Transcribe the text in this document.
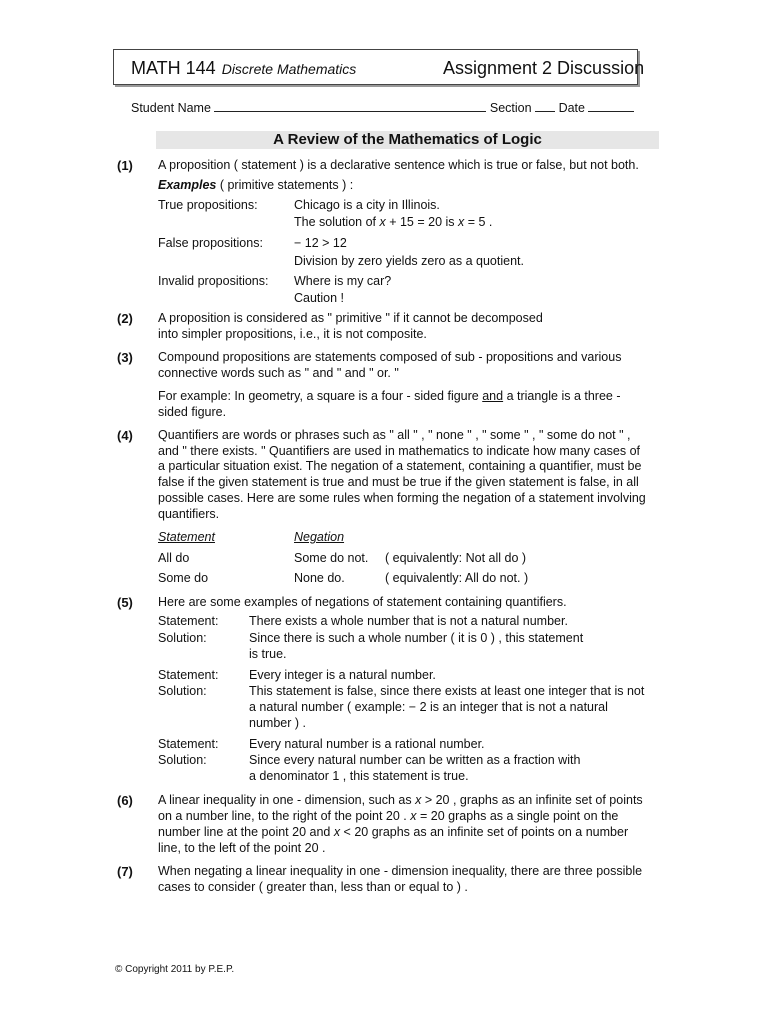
MATH 144 Discrete Mathematics	Assignment 2 Discussion
Student Name	Section Date
A Review of the Mathematics of Logic
(1) A proposition ( statement ) is a declarative sentence which is true or false, but not both.
Examples ( primitive statements ) :
True propositions:	Chicago is a city in Illinois.
The solution of x + 15 = 20 is x = 5 .
False propositions: − 12 > 12
Division by zero yields zero as a quotient.
Invalid propositions: Where is my car?
Caution !
(2) A proposition is considered as " primitive " if it cannot be decomposed
into simpler propositions, i.e., it is not composite.
(3) Compound propositions are statements composed of sub - propositions and various
connective words such as " and " and " or. "
For example: In geometry, a square is a four - sided figure and a triangle is a three -
sided figure.
(4) Quantifiers are words or phrases such as " all " , " none " , " some " , " some do not " ,
and " there exists. " Quantifiers are used in mathematics to indicate how many cases of
a particular situation exist. The negation of a statement, containing a quantifier, must be
false if the given statement is true and must be true if the given statement is false, in all
possible cases. Here are some rules when forming the negation of a statement involving
quantifiers.
Statement	Negation
All do	Some do not. ( equivalently: Not all do )
Some do	None do.	( equivalently: All do not. )
(5) Here are some examples of negations of statement containing quantifiers.
Statement: There exists a whole number that is not a natural number.
Solution:	Since there is such a whole number ( it is 0 ) , this statement
is true.
Statement: Every integer is a natural number.
Solution:	This statement is false, since there exists at least one integer that is not
a natural number ( example: − 2 is an integer that is not a natural
number ) .
Statement: Every natural number is a rational number.
Solution:	Since every natural number can be written as a fraction with
a denominator 1 , this statement is true.
(6) A linear inequality in one - dimension, such as x > 20 , graphs as an infinite set of points
on a number line, to the right of the point 20 . x = 20 graphs as a single point on the
number line at the point 20 and x < 20 graphs as an infinite set of points on a number
line, to the left of the point 20 .
(7) When negating a linear inequality in one - dimension inequality, there are three possible
cases to consider ( greater than, less than or equal to ) .
© Copyright 2011 by P.E.P.
